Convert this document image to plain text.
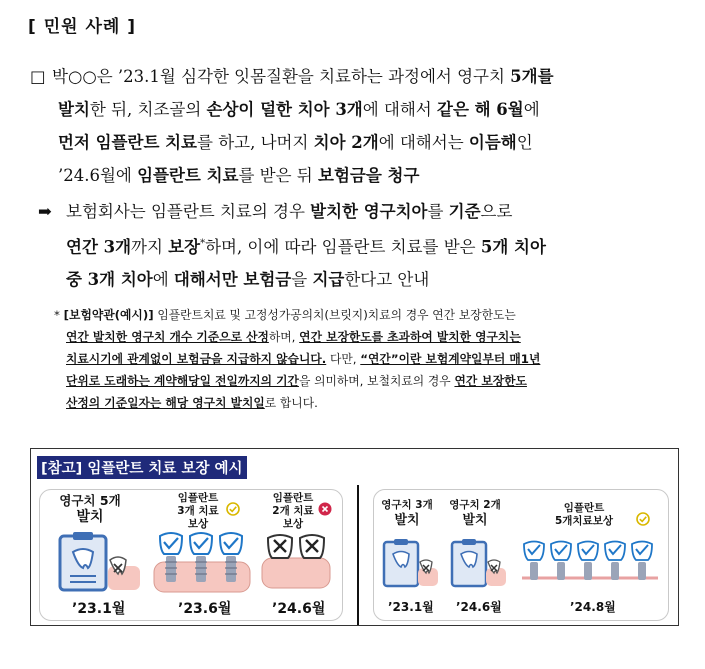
[ 민원 사례 ]
□ 박○○은 ’23.1월 심각한 잇몸질환을 치료하는 과정에서 영구치 5개를
발치한 뒤, 치조골의 손상이 덜한 치아 3개에 대해서 같은 해 6월에
먼저 임플란트 치료를 하고, 나머지 치아 2개에 대해서는 이듬해인
’24.6월에 임플란트 치료를 받은 뒤 보험금을 청구
➡ 보험회사는 임플란트 치료의 경우 발치한 영구치아를 기준으로
연간 3개까지 보장*하며, 이에 따라 임플란트 치료를 받은 5개 치아
중 3개 치아에 대해서만 보험금을 지급한다고 안내
* [보험약관(예시)] 임플란트치료 및 고정성가공의치(브릿지)치료의 경우 연간 보장한도는
연간 발치한 영구치 개수 기준으로 산정하며, 연간 보장한도를 초과하여 발치한 영구치는
치료시기에 관계없이 보험금을 지급하지 않습니다. 다만, “연간”이란 보험계약일부터 매1년
단위로 도래하는 계약해당일 전일까지의 기간을 의미하며, 보철치료의 경우 연간 보장한도
산정의 기준일자는 해당 영구치 발치일로 합니다.
[참고] 임플란트 치료 보장 예시
영구치 5개
발치
임플란트
3개 치료
보상
임플란트
2개 치료
보상
’23.1월	’23.6월	’24.6월
영구치 3개
발치
영구치 2개
발치
임플란트
5개치료보상
’23.1월 ’24.6월	’24.8월
